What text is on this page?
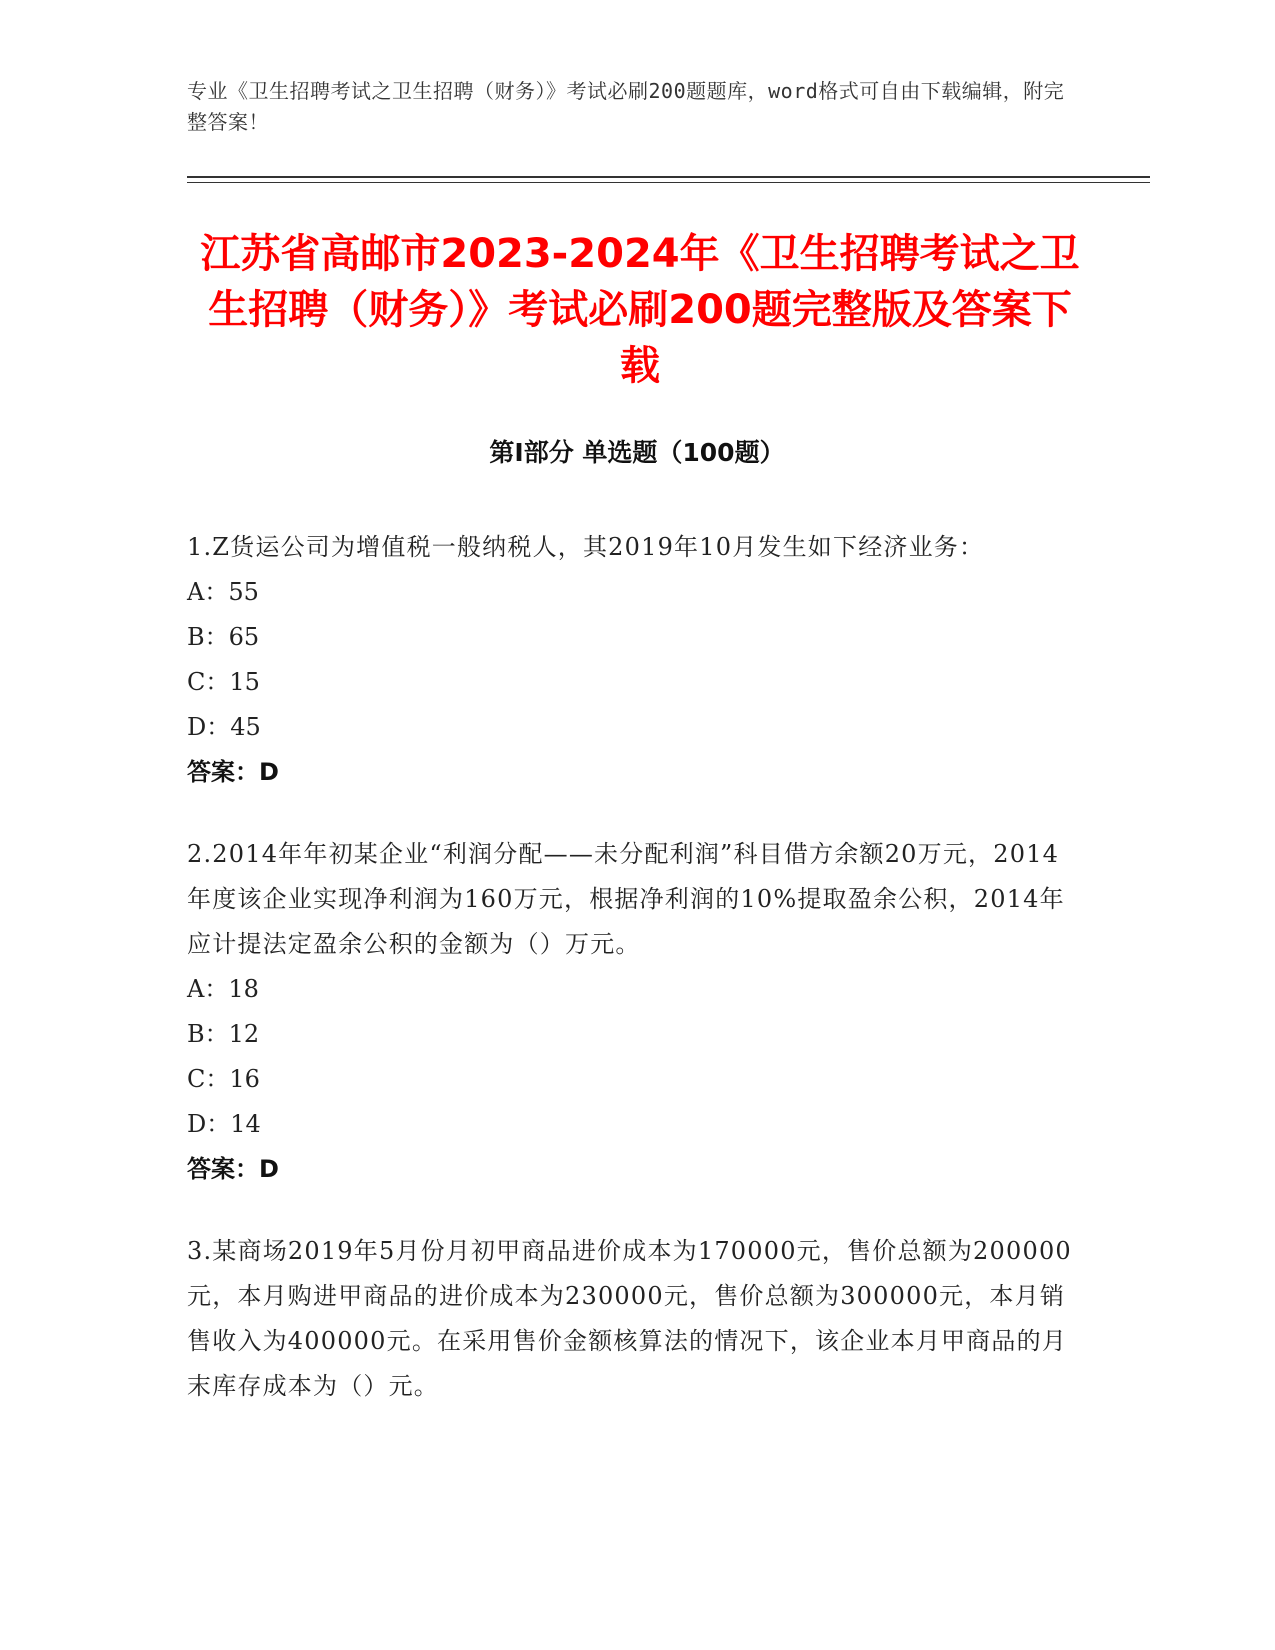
专业《卫生招聘考试之卫生招聘（财务）》考试必刷200题题库，word格式可自由下载编辑，附完整答案！
江苏省高邮市2023-2024年《卫生招聘考试之卫生招聘（财务）》考试必刷200题完整版及答案下载
第Ⅰ部分 单选题（100题）

1.Z货运公司为增值税一般纳税人，其2019年10月发生如下经济业务：

A：55

B：65

C：15

D：45

答案：D

2.2014年年初某企业“利润分配——未分配利润”科目借方余额20万元，2014年度该企业实现净利润为160万元，根据净利润的10%提取盈余公积，2014年应计提法定盈余公积的金额为（）万元。

A：18

B：12

C：16

D：14

答案：D

3.某商场2019年5月份月初甲商品进价成本为170000元，售价总额为200000元，本月购进甲商品的进价成本为230000元，售价总额为300000元，本月销售收入为400000元。在采用售价金额核算法的情况下，该企业本月甲商品的月末库存成本为（）元。
